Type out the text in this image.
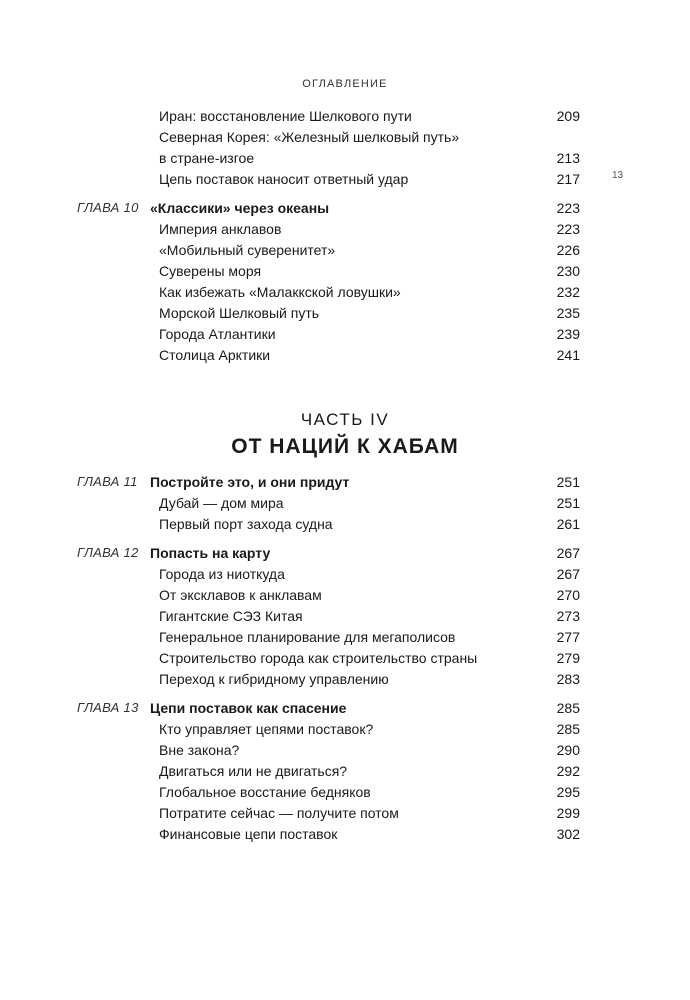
ОГЛАВЛЕНИЕ
13
Иран: восстановление Шелкового пути	209
Северная Корея: «Железный шелковый путь»
в стране-изгое	213
Цепь поставок наносит ответный удар	217
ГЛАВА 10 «Классики» через океаны	223
Империя анклавов	223
«Мобильный суверенитет»	226
Суверены моря	230
Как избежать «Малаккской ловушки»	232
Морской Шелковый путь	235
Города Атлантики	239
Столица Арктики	241
ЧАСТЬ IV
ОТ НАЦИЙ К ХАБАМ
ГЛАВА 11 Постройте это, и они придут	251
Дубай — дом мира	251
Первый порт захода судна	261
ГЛАВА 12 Попасть на карту	267
Города из ниоткуда	267
От эксклавов к анклавам	270
Гигантские СЭЗ Китая	273
Генеральное планирование для мегаполисов	277
Строительство города как строительство страны	279
Переход к гибридному управлению	283
ГЛАВА 13 Цепи поставок как спасение	285
Кто управляет цепями поставок?	285
Вне закона?	290
Двигаться или не двигаться?	292
Глобальное восстание бедняков	295
Потратите сейчас — получите потом	299
Финансовые цепи поставок	302
